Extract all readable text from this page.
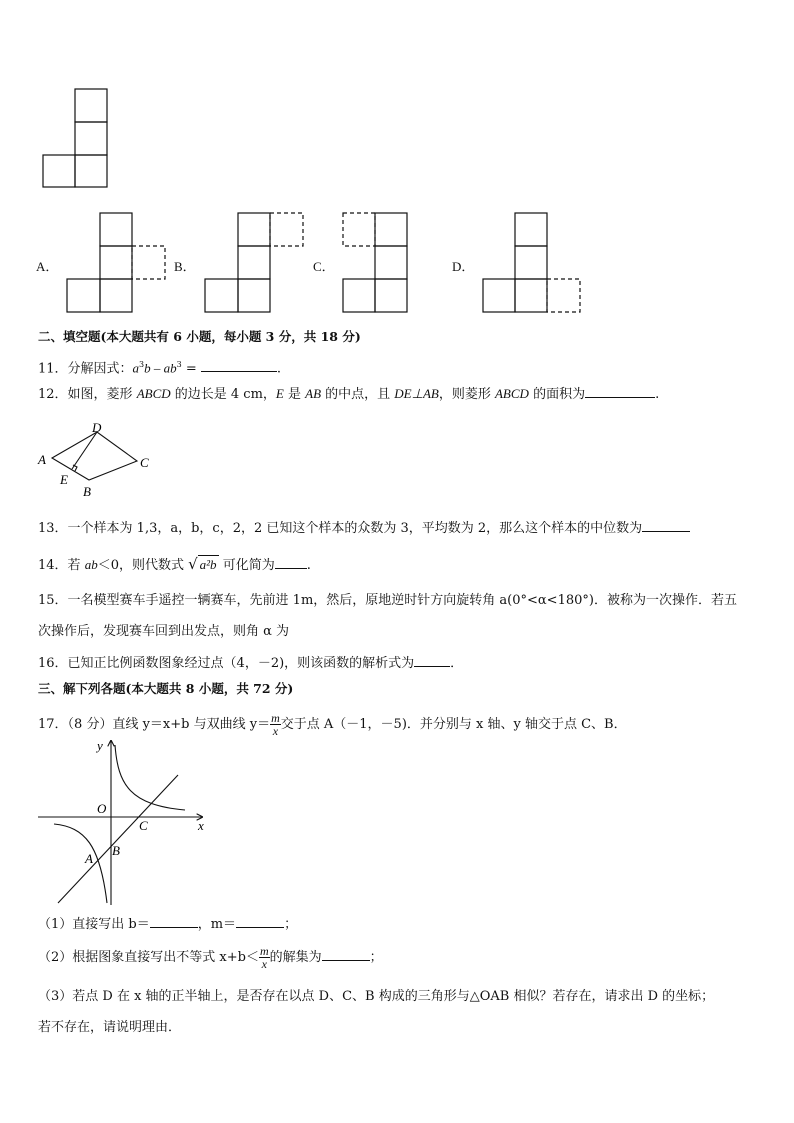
A．	B．	C．	D．
二、填空题(本大题共有 6 小题，每小题 3 分，共 18 分)
11．分解因式：$a^3b - ab^3$ =	.
12．如图，菱形 ABCD 的边长是 4 cm，E 是 AB 的中点，且 DE⊥AB，则菱形 ABCD 的面积为	.
A
D
C
E
B
13．一个样本为 1,3，a，b，c，2，2 已知这个样本的众数为 3，平均数为 2，那么这个样本的中位数为
14．若 ab＜0，则代数式 √ a²b 可化简为 .
15．一名模型赛车手遥控一辆赛车，先前进 1m，然后，原地逆时针方向旋转角 a(0°<α<180°)．被称为一次操作．若五
次操作后，发现赛车回到出发点，则角 α 为
16．已知正比例函数图象经过点（4，－2)，则该函数的解析式为	．
三、解下列各题(本大题共 8 小题，共 72 分)
17．（8 分）直线 y＝x+b 与双曲线 $y= \frac{m}{x}$ 交于点 A（－1，－5)．并分别与 x 轴、y 轴交于点 C、B．
y
x
O
C
A
B
（1）直接写出 b＝	，m＝	；
（2）根据图象直接写出不等式 $x+b< \frac{m}{x}$ 的解集为	；
（3）若点 D 在 x 轴的正半轴上，是否存在以点 D、C、B 构成的三角形与△OAB 相似？若存在，请求出 D 的坐标；
若不存在，请说明理由．
